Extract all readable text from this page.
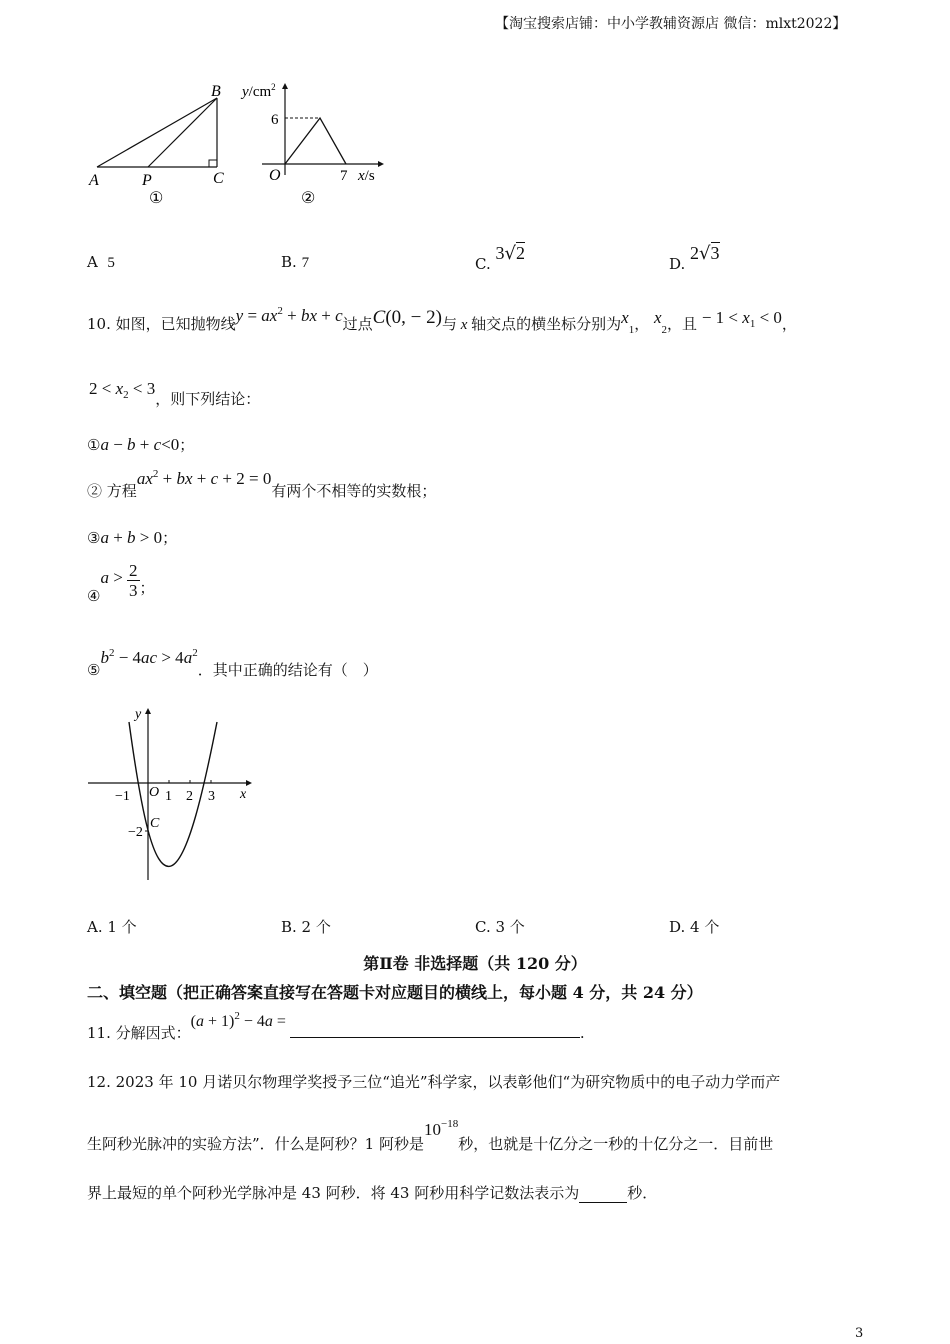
【淘宝搜索店铺：中小学教辅资源店 微信：mlxt2022】
A	P	C
B
①
$y/cm^2$
6
O	7 x/s
②
A 5	B. 7	C. 3√2
D. 2√3
10. 如图，已知抛物线$y = ax^2$ + bx + c过点C(0, − 2)与 x 轴交点的横坐标分别为$x_1$， $x_2$，且 − $1 < x_1 < 0$，
$2 < x_2 < 3$，则下列结论：
①a − b + c<0；
② 方程$ax^2$ + bx + c + 2 = 0有两个不相等的实数根；
③a + b > 0；
④a > $\frac{2}{3}$ ；
$⑤b^2 - 4ac > 4a^2$．其中正确的结论有（　）
y
x
O
−1	1 2 3
C
−2
A. 1 个	B. 2 个	C. 3 个	D. 4 个
第Ⅱ卷 非选择题（共 120 分）
二、填空题（把正确答案直接写在答题卡对应题目的横线上，每小题 4 分，共 24 分）
11. 分解因式：$(a + 1)^2 - 4a$ = .
12. 2023 年 10 月诺贝尔物理学奖授予三位“追光”科学家，以表彰他们“为研究物质中的电子动力学而产
生阿秒光脉冲的实验方法”．什么是阿秒？1 阿秒是$10^{-18}$秒，也就是十亿分之一秒的十亿分之一．目前世
界上最短的单个阿秒光学脉冲是 43 阿秒．将 43 阿秒用科学记数法表示为	秒．
3
